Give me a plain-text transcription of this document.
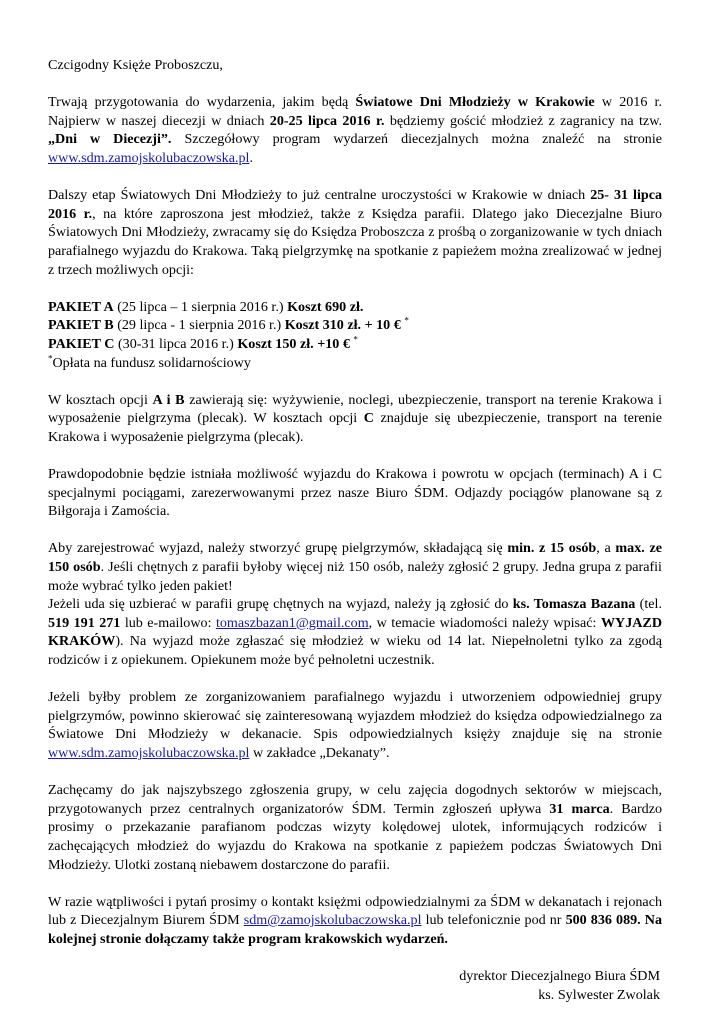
Czcigodny Księże Proboszczu,

Trwają przygotowania do wydarzenia, jakim będą Światowe Dni Młodzieży w Krakowie w 2016 r. Najpierw w naszej diecezji w dniach 20-25 lipca 2016 r. będziemy gościć młodzież z zagranicy na tzw. „Dni w Diecezji”. Szczegółowy program wydarzeń diecezjalnych można znaleźć na stronie www.sdm.zamojskolubaczowska.pl.

Dalszy etap Światowych Dni Młodzieży to już centralne uroczystości w Krakowie w dniach 25- 31 lipca 2016 r., na które zaproszona jest młodzież, także z Księdza parafii. Dlatego jako Diecezjalne Biuro Światowych Dni Młodzieży, zwracamy się do Księdza Proboszcza z prośbą o zorganizowanie w tych dniach parafialnego wyjazdu do Krakowa. Taką pielgrzymkę na spotkanie z papieżem można zrealizować w jednej z trzech możliwych opcji:

PAKIET A (25 lipca – 1 sierpnia 2016 r.) Koszt 690 zł.
PAKIET B (29 lipca - 1 sierpnia 2016 r.) Koszt 310 zł. + 10 € *
PAKIET C (30-31 lipca 2016 r.) Koszt 150 zł. +10 € *
*Opłata na fundusz solidarnościowy

W kosztach opcji A i B zawierają się: wyżywienie, noclegi, ubezpieczenie, transport na terenie Krakowa i wyposażenie pielgrzyma (plecak). W kosztach opcji C znajduje się ubezpieczenie, transport na terenie Krakowa i wyposażenie pielgrzyma (plecak).

Prawdopodobnie będzie istniała możliwość wyjazdu do Krakowa i powrotu w opcjach (terminach) A i C specjalnymi pociągami, zarezerwowanymi przez nasze Biuro ŚDM. Odjazdy pociągów planowane są z Biłgoraja i Zamościa.

Aby zarejestrować wyjazd, należy stworzyć grupę pielgrzymów, składającą się min. z 15 osób, a max. ze 150 osób. Jeśli chętnych z parafii byłoby więcej niż 150 osób, należy zgłosić 2 grupy. Jedna grupa z parafii może wybrać tylko jeden pakiet!
Jeżeli uda się uzbierać w parafii grupę chętnych na wyjazd, należy ją zgłosić do ks. Tomasza Bazana (tel. 519 191 271 lub e-mailowo: tomaszbazan1@gmail.com, w temacie wiadomości należy wpisać: WYJAZD KRAKÓW). Na wyjazd może zgłaszać się młodzież w wieku od 14 lat. Niepełnoletni tylko za zgodą rodziców i z opiekunem. Opiekunem może być pełnoletni uczestnik.

Jeżeli byłby problem ze zorganizowaniem parafialnego wyjazdu i utworzeniem odpowiedniej grupy pielgrzymów, powinno skierować się zainteresowaną wyjazdem młodzież do księdza odpowiedzialnego za Światowe Dni Młodzieży w dekanacie. Spis odpowiedzialnych księży znajduje się na stronie www.sdm.zamojskolubaczowska.pl w zakładce „Dekanaty”.

Zachęcamy do jak najszybszego zgłoszenia grupy, w celu zajęcia dogodnych sektorów w miejscach, przygotowanych przez centralnych organizatorów ŚDM. Termin zgłoszeń upływa 31 marca. Bardzo prosimy o przekazanie parafianom podczas wizyty kolędowej ulotek, informujących rodziców i zachęcających młodzież do wyjazdu do Krakowa na spotkanie z papieżem podczas Światowych Dni Młodzieży. Ulotki zostaną niebawem dostarczone do parafii.

W razie wątpliwości i pytań prosimy o kontakt księżmi odpowiedzialnymi za ŚDM w dekanatach i rejonach lub z Diecezjalnym Biurem ŚDM sdm@zamojskolubaczowska.pl lub telefonicznie pod nr 500 836 089. Na kolejnej stronie dołączamy także program krakowskich wydarzeń.

dyrektor Diecezjalnego Biura ŚDM
ks. Sylwester Zwolak
